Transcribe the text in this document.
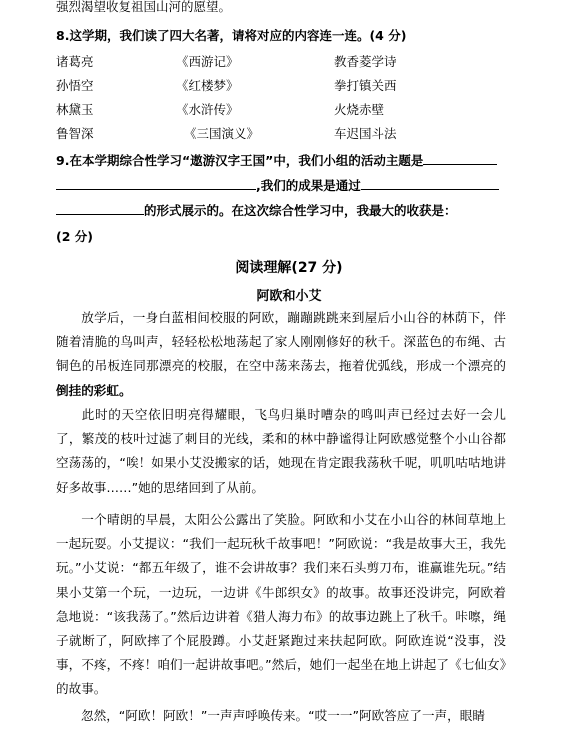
强烈渴望收复祖国山河的愿望。
8.这学期，我们读了四大名著，请将对应的内容连一连。(4 分)
诸葛亮
孙悟空
林黛玉
鲁智深
《西游记》
《红楼梦》
《水浒传》
《三国演义》
教香菱学诗
拳打镇关西
火烧赤壁
车迟国斗法
9.在本学期综合性学习“遨游汉字王国”中，我们小组的活动主题是
,我们的成果是通过
的形式展示的。在这次综合性学习中，我最大的收获是：
(2 分)
阅读理解(27 分)
阿欧和小艾
放学后，一身白蓝相间校服的阿欧，蹦蹦跳跳来到屋后小山谷的林荫下，伴随着清脆的鸟叫声，轻轻松松地荡起了家人刚刚修好的秋千。深蓝色的布绳、古铜色的吊板连同那漂亮的校服，在空中荡来荡去，拖着优弧线，形成一个漂亮的倒挂的彩虹。
此时的天空依旧明亮得耀眼，飞鸟归巢时嘈杂的鸣叫声已经过去好一会儿了，繁茂的枝叶过滤了刺目的光线，柔和的林中静谧得让阿欧感觉整个小山谷都空荡荡的，“唉！如果小艾没搬家的话，她现在肯定跟我荡秋千呢，叽叽咕咕地讲好多故事……”她的思绪回到了从前。
一个晴朗的早晨，太阳公公露出了笑脸。阿欧和小艾在小山谷的林间草地上一起玩耍。小艾提议：“我们一起玩秋千故事吧！”阿欧说：“我是故事大王，我先玩。”小艾说：“都五年级了，谁不会讲故事？我们来石头剪刀布，谁赢谁先玩。”结果小艾第一个玩，一边玩，一边讲《牛郎织女》的故事。故事还没讲完，阿欧着急地说：“该我荡了。”然后边讲着《猎人海力布》的故事边跳上了秋千。咔嚓，绳子就断了，阿欧摔了个屁股蹲。小艾赶紧跑过来扶起阿欧。阿欧连说“没事，没事，不疼，不疼！咱们一起讲故事吧。”然后，她们一起坐在地上讲起了《七仙女》的故事。
忽然，“阿欧！阿欧！”一声声呼唤传来。“哎一一”阿欧答应了一声，眼睛
